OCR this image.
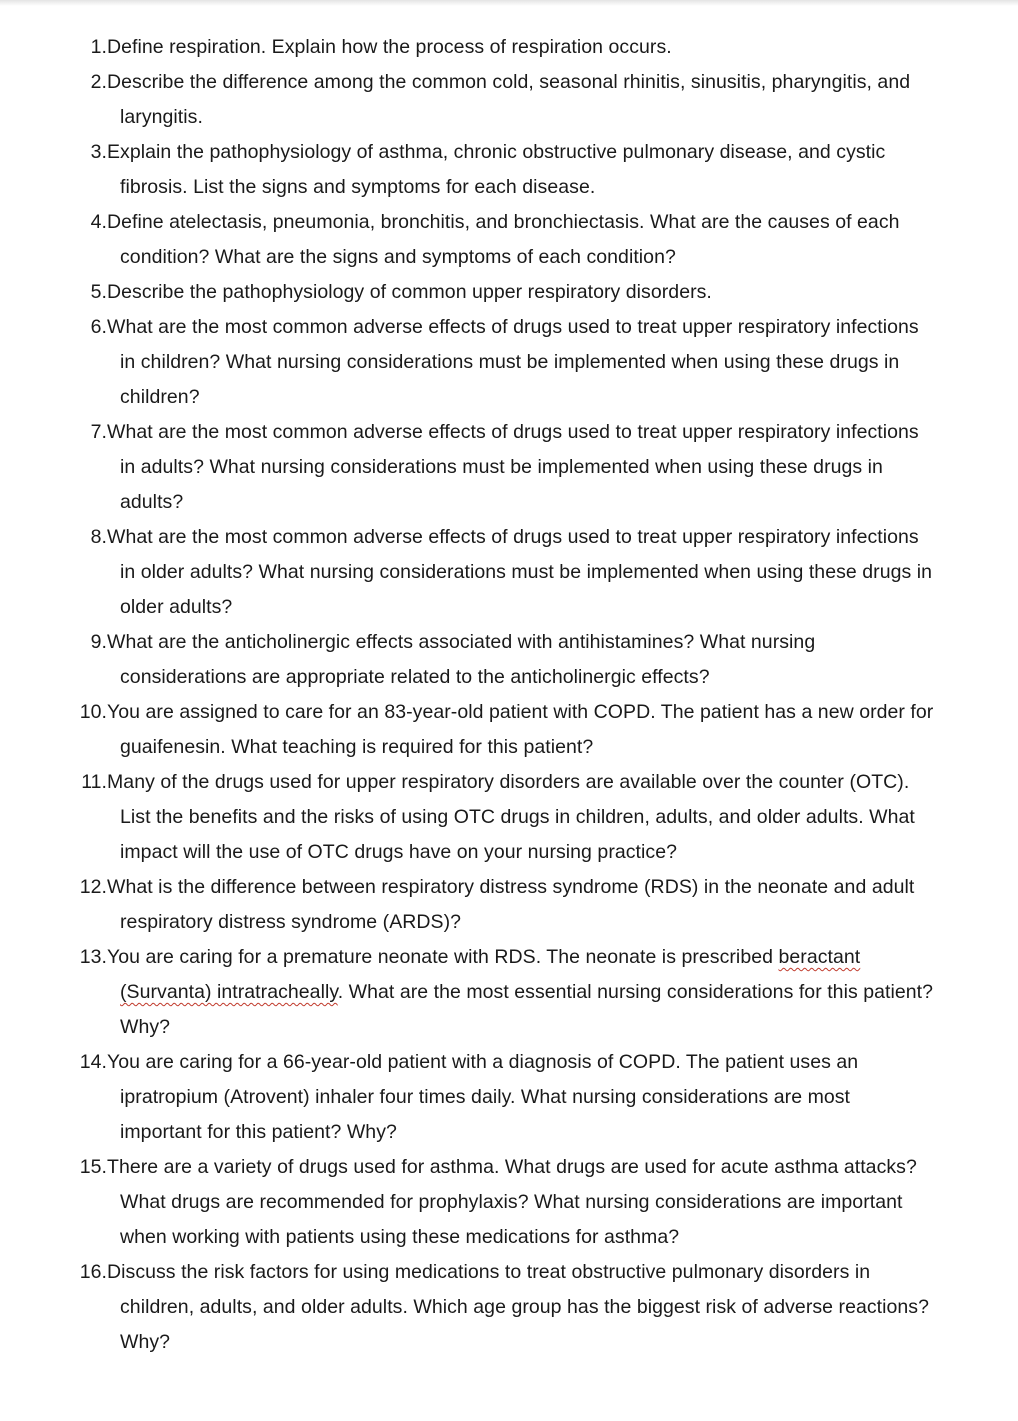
1. Define respiration. Explain how the process of respiration occurs.
2. Describe the difference among the common cold, seasonal rhinitis, sinusitis, pharyngitis, and
laryngitis.
3. Explain the pathophysiology of asthma, chronic obstructive pulmonary disease, and cystic
fibrosis. List the signs and symptoms for each disease.
4. Define atelectasis, pneumonia, bronchitis, and bronchiectasis. What are the causes of each
condition? What are the signs and symptoms of each condition?
5. Describe the pathophysiology of common upper respiratory disorders.
6. What are the most common adverse effects of drugs used to treat upper respiratory infections
in children? What nursing considerations must be implemented when using these drugs in
children?
7. What are the most common adverse effects of drugs used to treat upper respiratory infections
in adults? What nursing considerations must be implemented when using these drugs in
adults?
8. What are the most common adverse effects of drugs used to treat upper respiratory infections
in older adults? What nursing considerations must be implemented when using these drugs in
older adults?
9. What are the anticholinergic effects associated with antihistamines? What nursing
considerations are appropriate related to the anticholinergic effects?
10. You are assigned to care for an 83-year-old patient with COPD. The patient has a new order for
guaifenesin. What teaching is required for this patient?
11. Many of the drugs used for upper respiratory disorders are available over the counter (OTC).
List the benefits and the risks of using OTC drugs in children, adults, and older adults. What
impact will the use of OTC drugs have on your nursing practice?
12. What is the difference between respiratory distress syndrome (RDS) in the neonate and adult
respiratory distress syndrome (ARDS)?
13. You are caring for a premature neonate with RDS. The neonate is prescribed beractant
(Survanta) intratracheally. What are the most essential nursing considerations for this patient?
Why?
14. You are caring for a 66-year-old patient with a diagnosis of COPD. The patient uses an
ipratropium (Atrovent) inhaler four times daily. What nursing considerations are most
important for this patient? Why?
15. There are a variety of drugs used for asthma. What drugs are used for acute asthma attacks?
What drugs are recommended for prophylaxis? What nursing considerations are important
when working with patients using these medications for asthma?
16. Discuss the risk factors for using medications to treat obstructive pulmonary disorders in
children, adults, and older adults. Which age group has the biggest risk of adverse reactions?
Why?
